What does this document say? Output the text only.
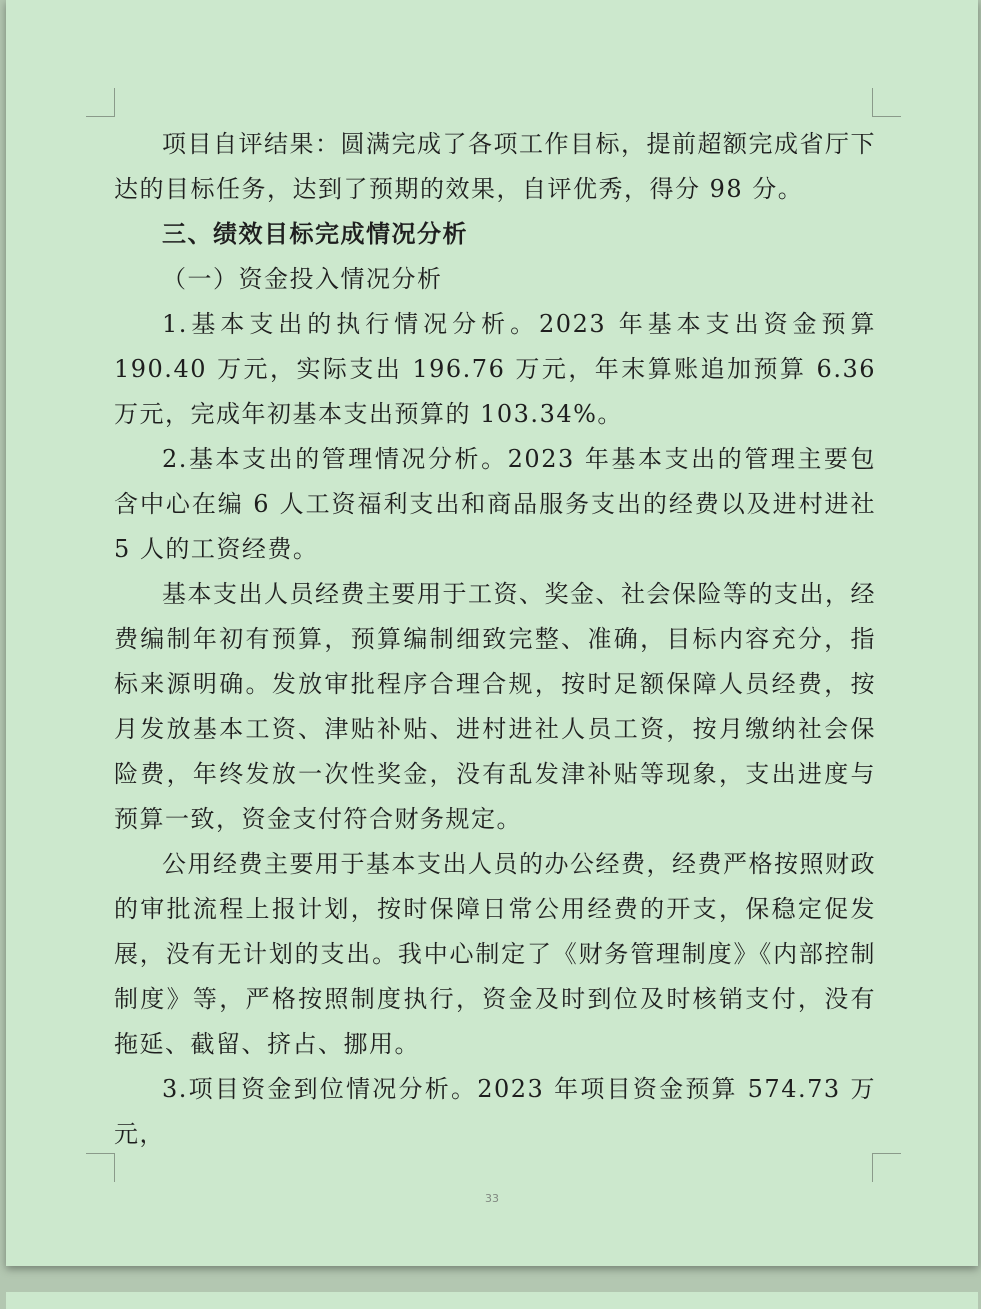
项目自评结果：圆满完成了各项工作目标，提前超额完成省厅下达的目标任务，达到了预期的效果，自评优秀，得分 98 分。

三、绩效目标完成情况分析

（一）资金投入情况分析

1.基本支出的执行情况分析。2023 年基本支出资金预算 190.40 万元，实际支出 196.76 万元，年末算账追加预算 6.36 万元，完成年初基本支出预算的 103.34%。

2.基本支出的管理情况分析。2023 年基本支出的管理主要包含中心在编 6 人工资福利支出和商品服务支出的经费以及进村进社 5 人的工资经费。

基本支出人员经费主要用于工资、奖金、社会保险等的支出，经费编制年初有预算，预算编制细致完整、准确，目标内容充分，指标来源明确。发放审批程序合理合规，按时足额保障人员经费，按月发放基本工资、津贴补贴、进村进社人员工资，按月缴纳社会保险费，年终发放一次性奖金，没有乱发津补贴等现象，支出进度与预算一致，资金支付符合财务规定。

公用经费主要用于基本支出人员的办公经费，经费严格按照财政的审批流程上报计划，按时保障日常公用经费的开支，保稳定促发展，没有无计划的支出。我中心制定了《财务管理制度》《内部控制制度》等，严格按照制度执行，资金及时到位及时核销支付，没有拖延、截留、挤占、挪用。

3.项目资金到位情况分析。2023 年项目资金预算 574.73 万元，

33
